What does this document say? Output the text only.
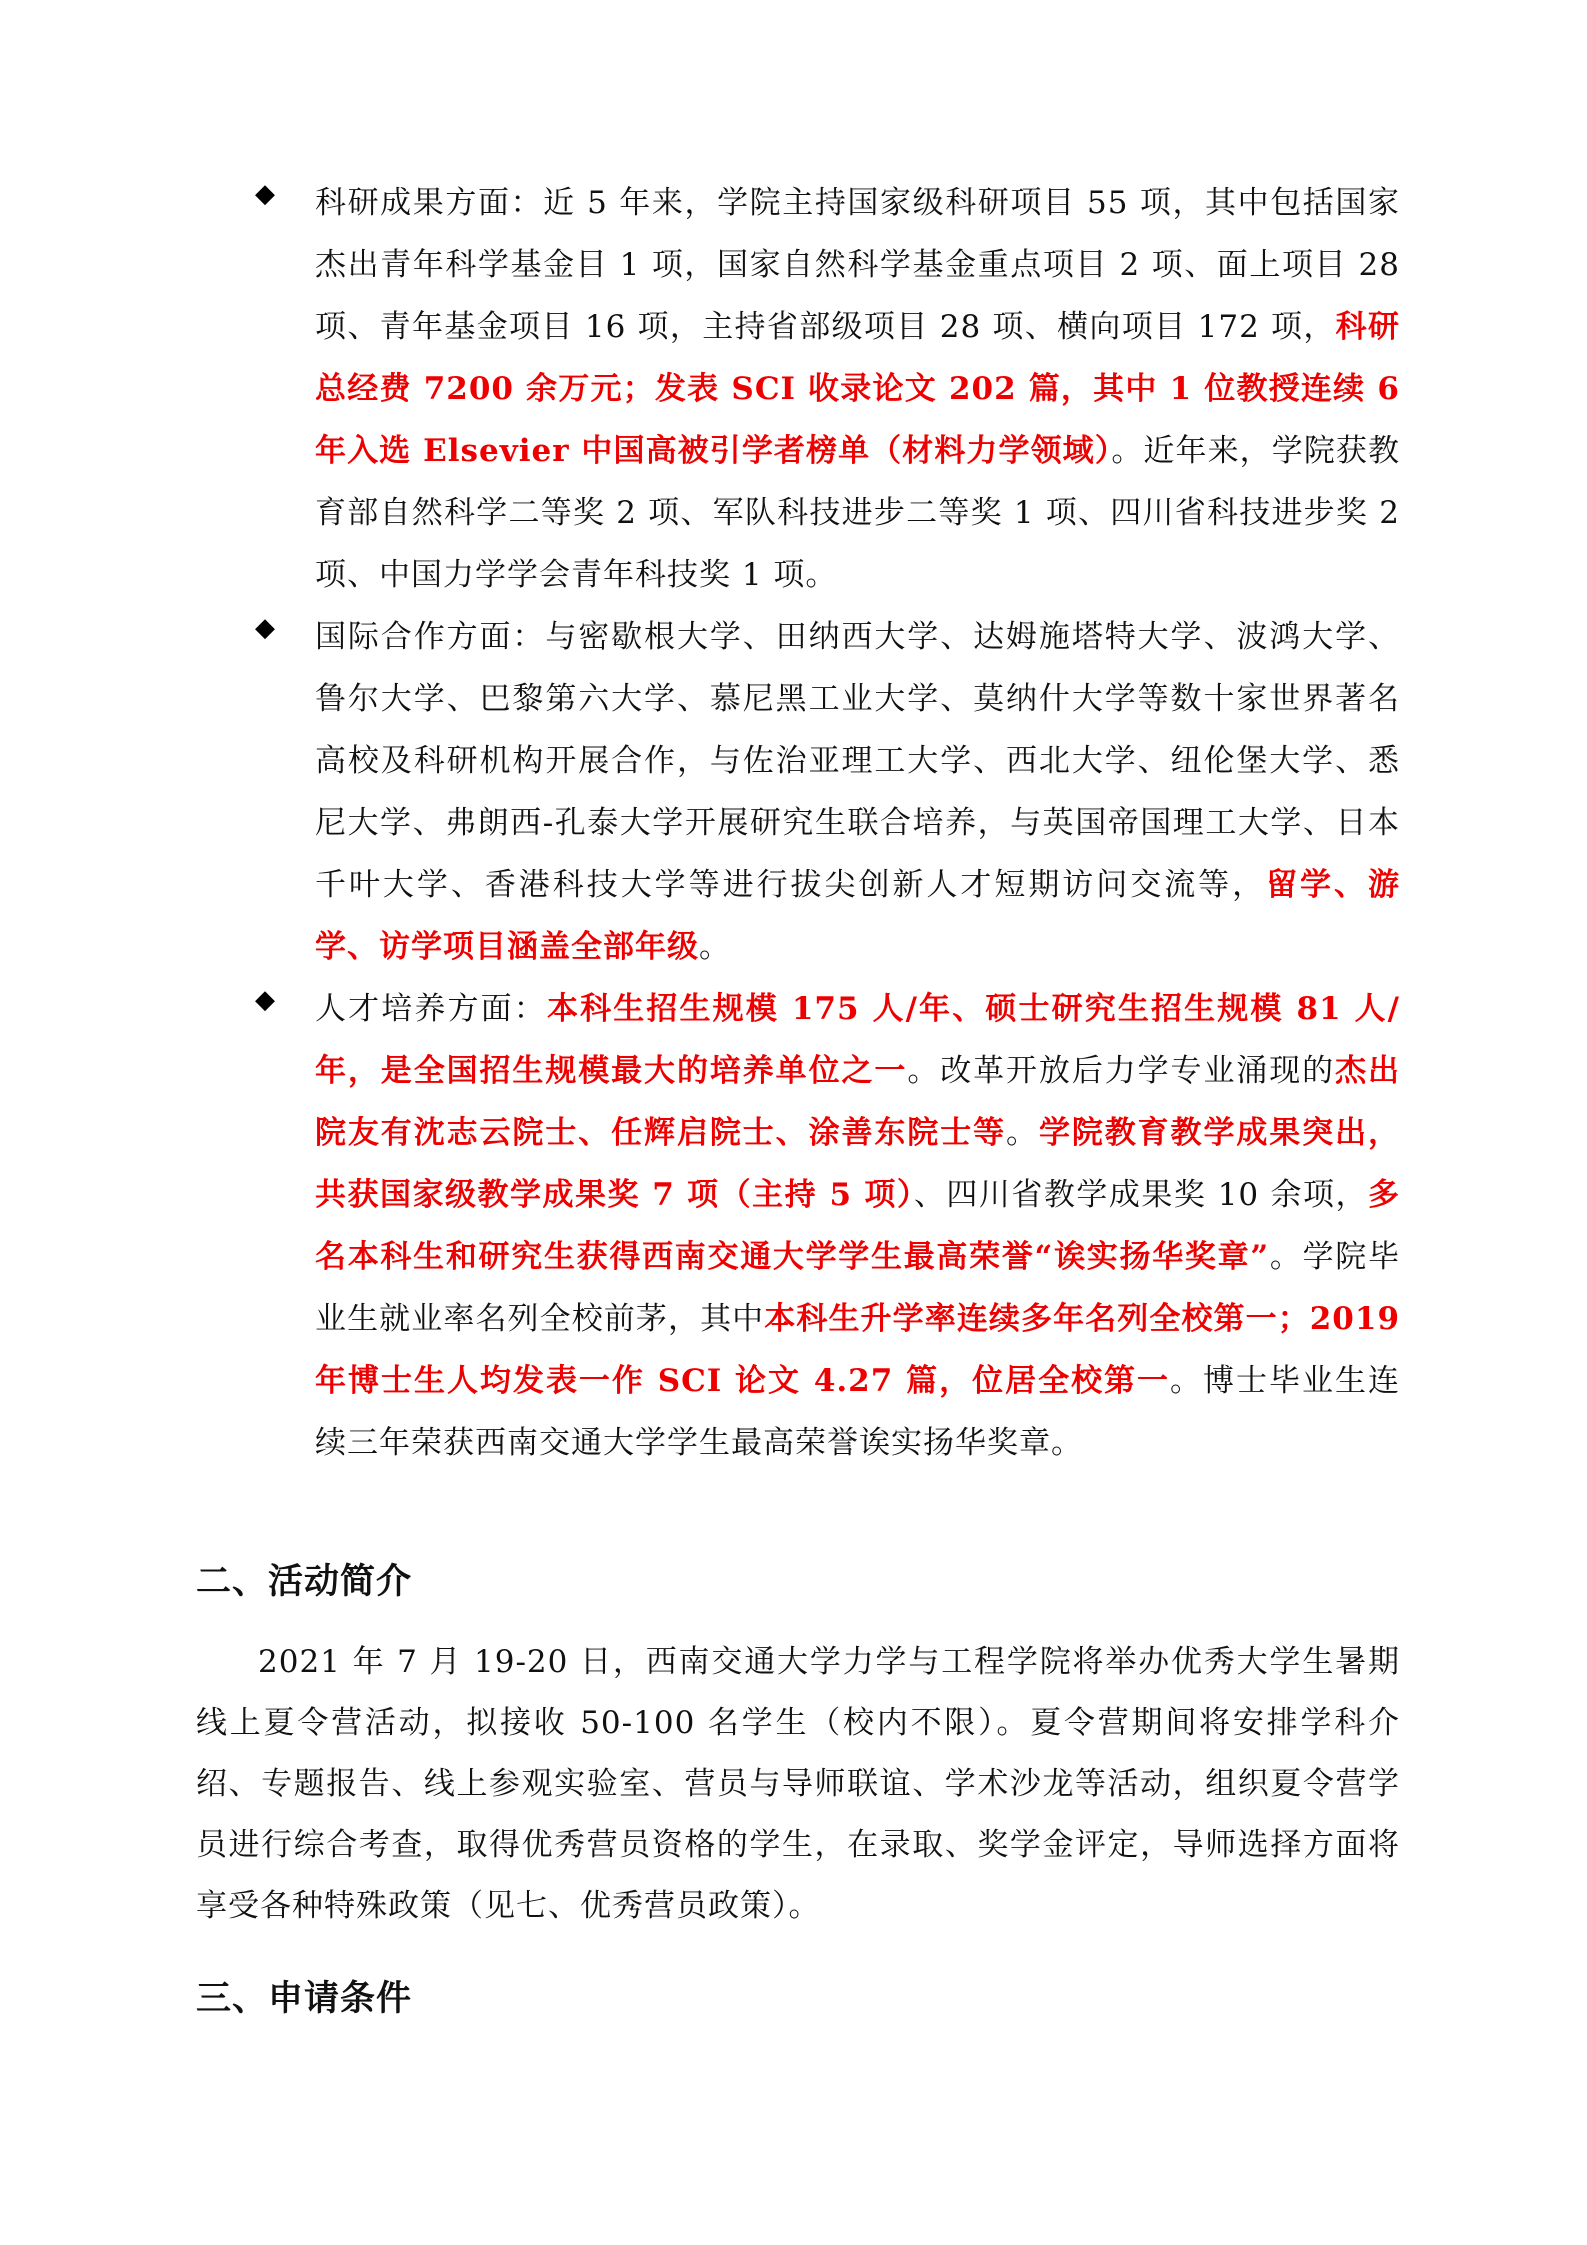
◆ 科研成果方面：近 5 年来，学院主持国家级科研项目 55 项，其中包括国家杰出青年科学基金目 1 项，国家自然科学基金重点项目 2 项、面上项目 28 项、青年基金项目 16 项，主持省部级项目 28 项、横向项目 172 项，科研总经费 7200 余万元；发表 SCI 收录论文 202 篇，其中 1 位教授连续 6 年入选 Elsevier 中国高被引学者榜单（材料力学领域）。近年来，学院获教育部自然科学二等奖 2 项、军队科技进步二等奖 1 项、四川省科技进步奖 2 项、中国力学学会青年科技奖 1 项。
◆ 国际合作方面：与密歇根大学、田纳西大学、达姆施塔特大学、波鸿大学、鲁尔大学、巴黎第六大学、慕尼黑工业大学、莫纳什大学等数十家世界著名高校及科研机构开展合作，与佐治亚理工大学、西北大学、纽伦堡大学、悉尼大学、弗朗西-孔泰大学开展研究生联合培养，与英国帝国理工大学、日本千叶大学、香港科技大学等进行拔尖创新人才短期访问交流等，留学、游学、访学项目涵盖全部年级。
◆ 人才培养方面：本科生招生规模 175 人/年、硕士研究生招生规模 81 人/年，是全国招生规模最大的培养单位之一。改革开放后力学专业涌现的杰出院友有沈志云院士、任辉启院士、涂善东院士等。学院教育教学成果突出，共获国家级教学成果奖 7 项（主持 5 项）、四川省教学成果奖 10 余项，多名本科生和研究生获得西南交通大学学生最高荣誉“诶实扬华奖章”。学院毕业生就业率名列全校前茅，其中本科生升学率连续多年名列全校第一；2019 年博士生人均发表一作 SCI 论文 4.27 篇，位居全校第一。博士毕业生连续三年荣获西南交通大学学生最高荣誉诶实扬华奖章。
二、活动简介
2021 年 7 月 19-20 日，西南交通大学力学与工程学院将举办优秀大学生暑期线上夏令营活动，拟接收 50-100 名学生（校内不限）。夏令营期间将安排学科介绍、专题报告、线上参观实验室、营员与导师联谊、学术沙龙等活动，组织夏令营学员进行综合考查，取得优秀营员资格的学生，在录取、奖学金评定，导师选择方面将享受各种特殊政策（见七、优秀营员政策）。
三、申请条件
